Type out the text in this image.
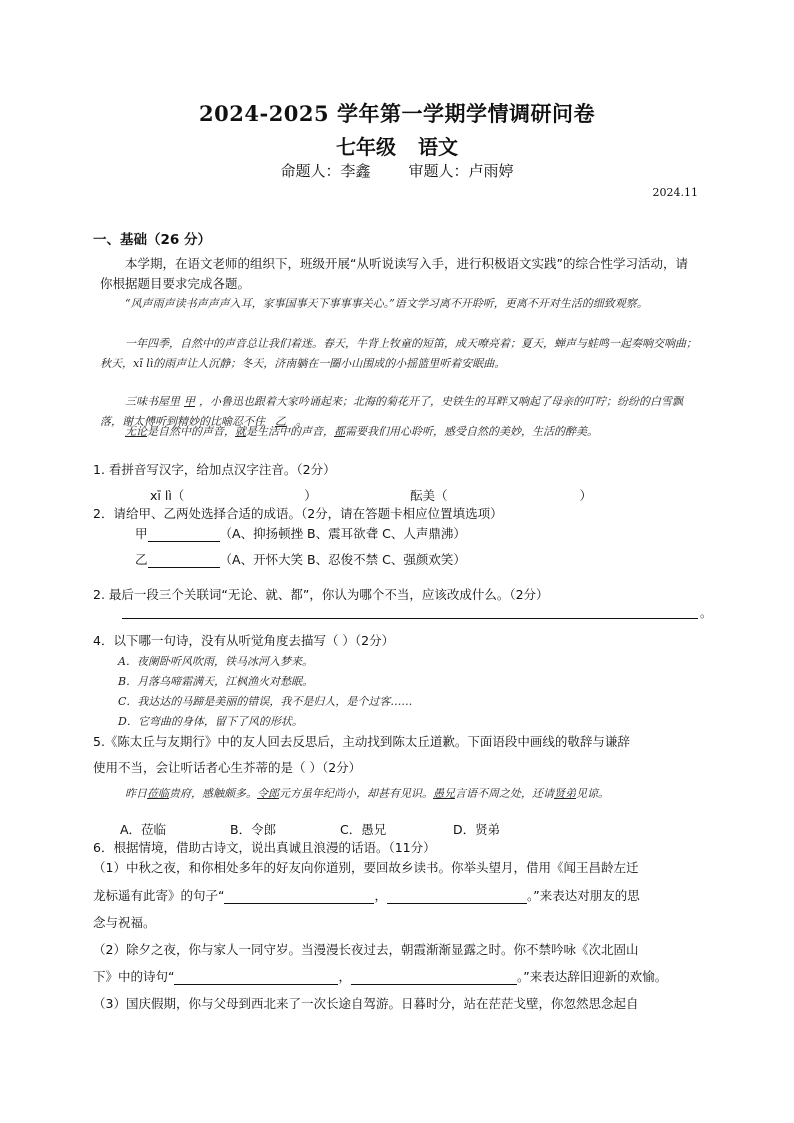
2024-2025 学年第一学期学情调研问卷
七年级 语文
命题人：李鑫	审题人：卢雨婷
2024.11
一、基础（26 分）
本学期，在语文老师的组织下，班级开展“从听说读写入手，进行积极语文实践”的综合性学习活动，请你根据题目要求完成各题。
“风声雨声读书声声声入耳，家事国事天下事事事关心。”语文学习离不开聆听，更离不开对生活的细致观察。
一年四季，自然中的声音总让我们着迷。春天，牛背上牧童的短笛，成天嘹亮着；夏天，蝉声与蛙鸣一起奏响交响曲；秋天，xī lì的雨声让人沉静；冬天，济南躺在一圈小山围成的小摇篮里听着安眠曲。
三味书屋里 甲 ，小鲁迅也跟着大家吟诵起来；北海的菊花开了，史铁生的耳畔又响起了母亲的叮咛；纷纷的白雪飘落，谢太傅听到精妙的比喻忍不住 乙 。
无论是自然中的声音，就是生活中的声音，都需要我们用心聆听，感受自然的美妙，生活的醉美。
1. 看拼音写汉字，给加点汉字注音。（2分）
xī lì（	）	酝美（	）
2．请给甲、乙两处选择合适的成语。（2分，请在答题卡相应位置填选项）
甲	（A、抑扬顿挫 B、震耳欲聋 C、人声鼎沸）
乙	（A、开怀大笑 B、忍俊不禁 C、强颜欢笑）
2. 最后一段三个关联词“无论、就、都”，你认为哪个不当，应该改成什么。（2分）
。
4．以下哪一句诗，没有从听觉角度去描写（ ）（2分）
A．夜阑卧听风吹雨，铁马冰河入梦来。
B．月落乌啼霜满天，江枫渔火对愁眠。
C．我达达的马蹄是美丽的错误，我不是归人，是个过客……
D．它弯曲的身体，留下了风的形状。
5.《陈太丘与友期行》中的友人回去反思后，主动找到陈太丘道歉。下面语段中画线的敬辞与谦辞
使用不当，会让听话者心生芥蒂的是（ ）（2分）
昨日莅临贵府，感触颇多。令郎元方虽年纪尚小，却甚有见识。愚兄言语不周之处，还请贤弟见谅。
A．莅临	B．令郎	C．愚兄	D．贤弟
6．根据情境，借助古诗文，说出真诚且浪漫的话语。（11分）
（1）中秋之夜，和你相处多年的好友向你道别，要回故乡读书。你举头望月，借用《闻王昌龄左迁
龙标遥有此寄》的句子“	，	。”来表达对朋友的思
念与祝福。
（2）除夕之夜，你与家人一同守岁。当漫漫长夜过去，朝霞渐渐显露之时。你不禁吟咏《次北固山
下》中的诗句“	，	。”来表达辞旧迎新的欢愉。
（3）国庆假期，你与父母到西北来了一次长途自驾游。日暮时分，站在茫茫戈壁，你忽然思念起自
